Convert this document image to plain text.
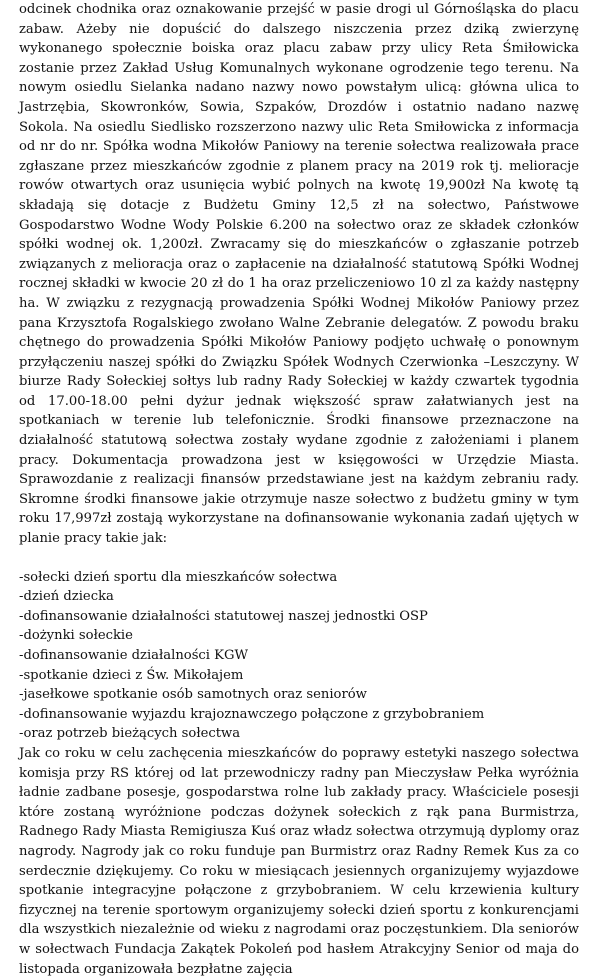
odcinek chodnika oraz oznakowanie przejść w pasie drogi ul Górnośląska do placu zabaw. Ażeby nie dopuścić do dalszego niszczenia przez dziką zwierzynę wykonanego społecznie boiska oraz placu zabaw przy ulicy Reta Śmiłowicka zostanie przez Zakład Usług Komunalnych wykonane ogrodzenie tego terenu. Na nowym osiedlu Sielanka nadano nazwy nowo powstałym ulicą: główna ulica to Jastrzębia, Skowronków, Sowia, Szpaków, Drozdów i ostatnio nadano nazwę Sokola. Na osiedlu Siedlisko rozszerzono nazwy ulic Reta Smiłowicka z informacja od nr do nr. Spółka wodna Mikołów Paniowy na terenie sołectwa realizowała prace zgłaszane przez mieszkańców zgodnie z planem pracy na 2019 rok tj. melioracje rowów otwartych oraz usunięcia wybić polnych na kwotę 19,900zł Na kwotę tą składają się dotacje z Budżetu Gminy 12,5 zł na sołectwo, Państwowe Gospodarstwo Wodne Wody Polskie 6.200 na sołectwo oraz ze składek członków spółki wodnej ok. 1,200zł. Zwracamy się do mieszkańców o zgłaszanie potrzeb związanych z melioracja oraz o zapłacenie na działalność statutową Spółki Wodnej rocznej składki w kwocie 20 zł do 1 ha oraz przeliczeniowo 10 zl za każdy następny ha. W związku z rezygnacją prowadzenia Spółki Wodnej Mikołów Paniowy przez pana Krzysztofa Rogalskiego zwołano Walne Zebranie delegatów. Z powodu braku chętnego do prowadzenia Spółki Mikołów Paniowy podjęto uchwałę o ponownym przyłączeniu naszej spółki do Związku Spółek Wodnych Czerwionka –Leszczyny. W biurze Rady Sołeckiej sołtys lub radny Rady Sołeckiej w każdy czwartek tygodnia od 17.00-18.00 pełni dyżur jednak większość spraw załatwianych jest na spotkaniach w terenie lub telefonicznie. Środki finansowe przeznaczone na działalność statutową sołectwa zostały wydane zgodnie z założeniami i planem pracy. Dokumentacja prowadzona jest w księgowości w Urzędzie Miasta. Sprawozdanie z realizacji finansów przedstawiane jest na każdym zebraniu rady. Skromne środki finansowe jakie otrzymuje nasze sołectwo z budżetu gminy w tym roku 17,997zł zostają wykorzystane na dofinansowanie wykonania zadań ujętych w planie pracy takie jak:

-sołecki dzień sportu dla mieszkańców sołectwa
-dzień dziecka
-dofinansowanie działalności statutowej naszej jednostki OSP
-dożynki sołeckie
-dofinansowanie działalności KGW
-spotkanie dzieci z Św. Mikołajem
-jasełkowe spotkanie osób samotnych oraz seniorów
-dofinansowanie wyjazdu krajoznawczego połączone z grzybobraniem
-oraz potrzeb bieżących sołectwa

Jak co roku w celu zachęcenia mieszkańców do poprawy estetyki naszego sołectwa komisja przy RS której od lat przewodniczy radny pan Mieczysław Pełka wyróżnia ładnie zadbane posesje, gospodarstwa rolne lub zakłady pracy. Właściciele posesji które zostaną wyróżnione podczas dożynek sołeckich z rąk pana Burmistrza, Radnego Rady Miasta Remigiusza Kuś oraz władz sołectwa otrzymują dyplomy oraz nagrody. Nagrody jak co roku funduje pan Burmistrz oraz Radny Remek Kus za co serdecznie dziękujemy. Co roku w miesiącach jesiennych organizujemy wyjazdowe spotkanie integracyjne połączone z grzybobraniem. W celu krzewienia kultury fizycznej na terenie sportowym organizujemy sołecki dzień sportu z konkurencjami dla wszystkich niezależnie od wieku z nagrodami oraz poczęstunkiem. Dla seniorów w sołectwach Fundacja Zakątek Pokoleń pod hasłem Atrakcyjny Senior od maja do listopada organizowała bezpłatne zajęcia
